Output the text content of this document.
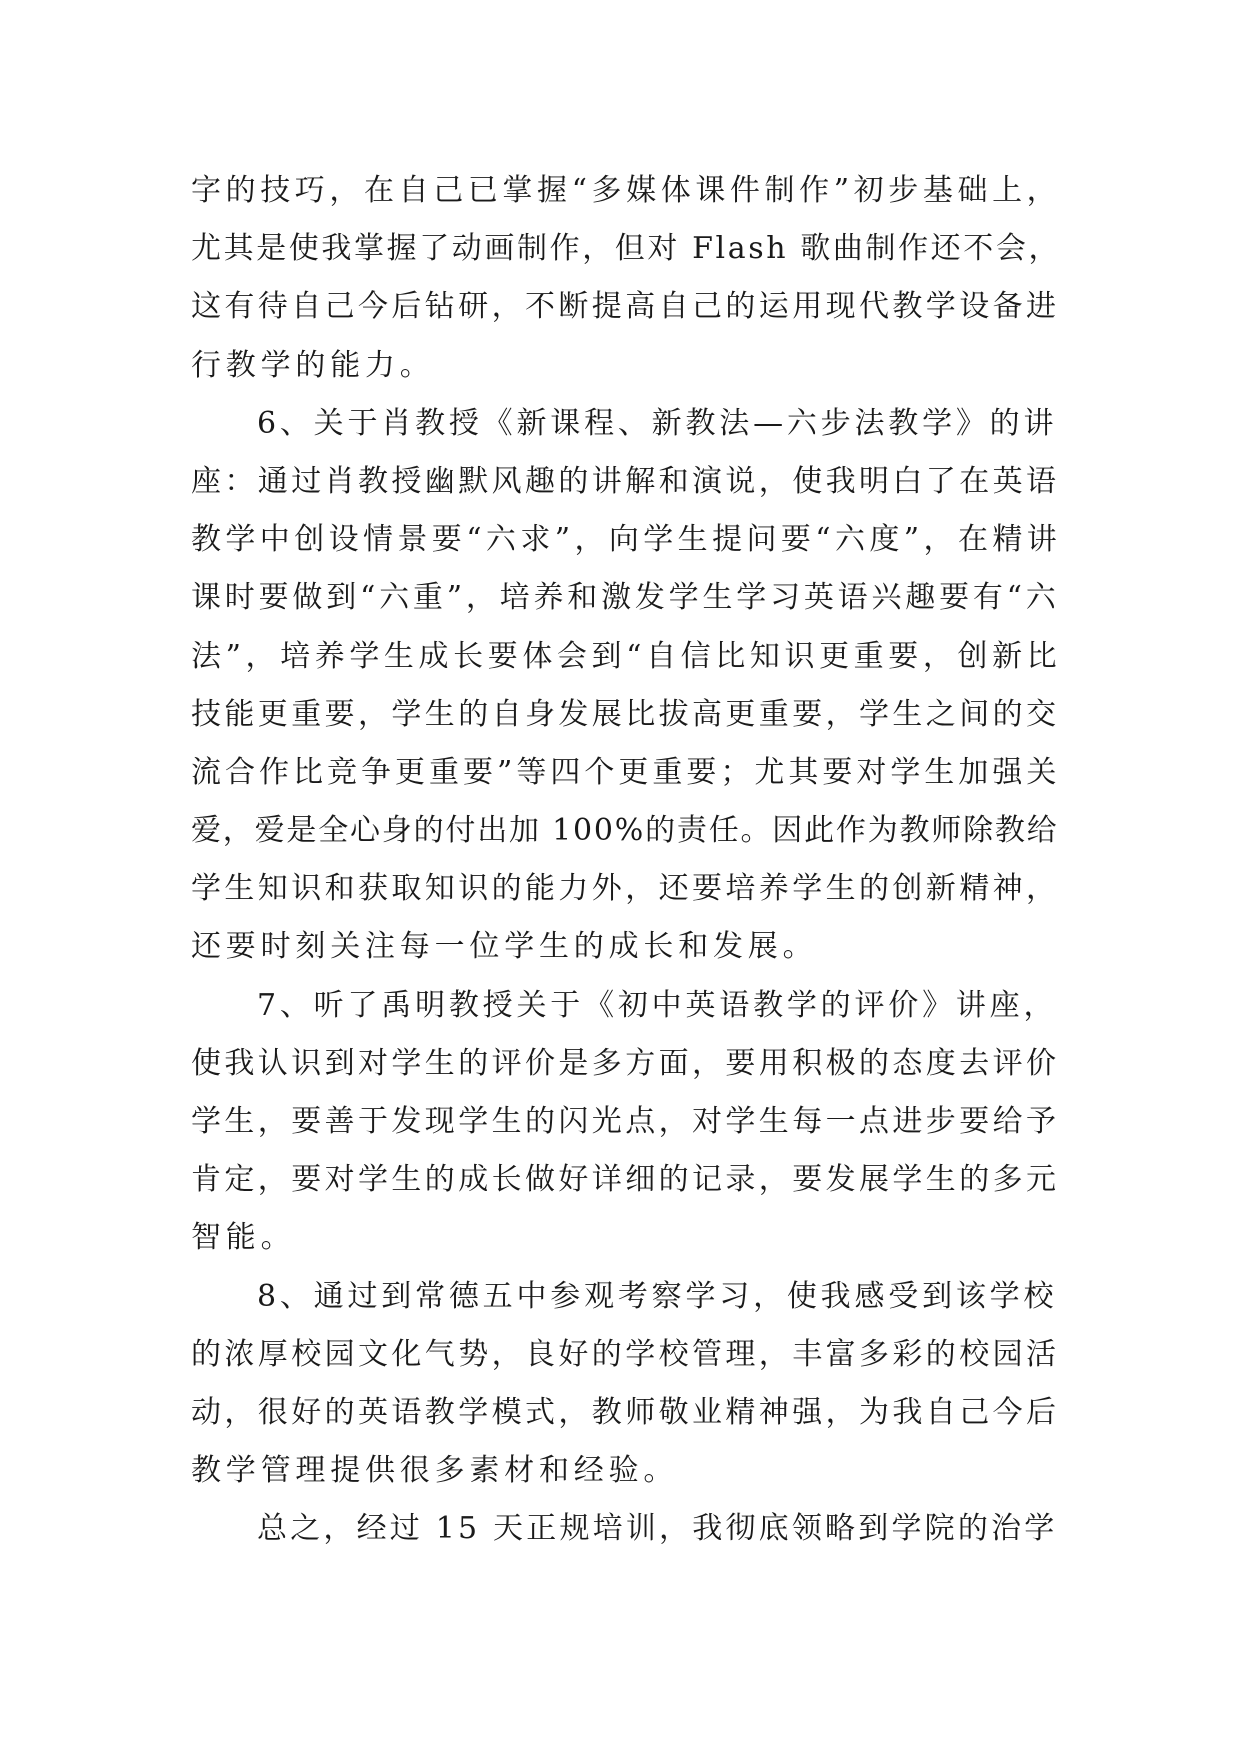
字的技巧，在自己已掌握“多媒体课件制作”初步基础上，
尤其是使我掌握了动画制作，但对 Flash 歌曲制作还不会，
这有待自己今后钻研，不断提高自己的运用现代教学设备进
行教学的能力。
6、关于肖教授《新课程、新教法—六步法教学》的讲
座：通过肖教授幽默风趣的讲解和演说，使我明白了在英语
教学中创设情景要“六求”，向学生提问要“六度”，在精讲
课时要做到“六重”，培养和激发学生学习英语兴趣要有“六
法”，培养学生成长要体会到“自信比知识更重要，创新比
技能更重要，学生的自身发展比拔高更重要，学生之间的交
流合作比竞争更重要”等四个更重要；尤其要对学生加强关
爱，爱是全心身的付出加 100%的责任。因此作为教师除教给
学生知识和获取知识的能力外，还要培养学生的创新精神，
还要时刻关注每一位学生的成长和发展。
7、听了禹明教授关于《初中英语教学的评价》讲座，
使我认识到对学生的评价是多方面，要用积极的态度去评价
学生，要善于发现学生的闪光点，对学生每一点进步要给予
肯定，要对学生的成长做好详细的记录，要发展学生的多元
智能。
8、通过到常德五中参观考察学习，使我感受到该学校
的浓厚校园文化气势，良好的学校管理，丰富多彩的校园活
动，很好的英语教学模式，教师敬业精神强，为我自己今后
教学管理提供很多素材和经验。
总之，经过 15 天正规培训，我彻底领略到学院的治学
